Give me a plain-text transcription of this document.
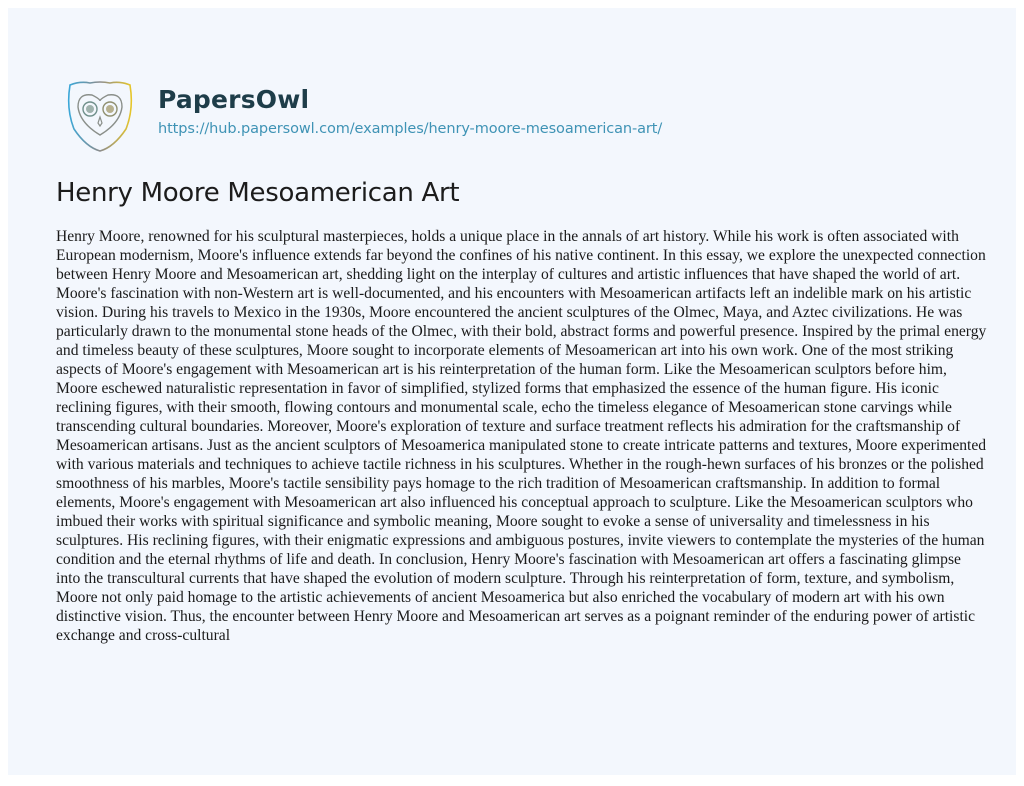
PapersOwl
https://hub.papersowl.com/examples/henry-moore-mesoamerican-art/
Henry Moore Mesoamerican Art

Henry Moore, renowned for his sculptural masterpieces, holds a unique place in the annals of art history. While his work is often associated with European modernism, Moore's influence extends far beyond the confines of his native continent. In this essay, we explore the unexpected connection between Henry Moore and Mesoamerican art, shedding light on the interplay of cultures and artistic influences that have shaped the world of art. Moore's fascination with non-Western art is well-documented, and his encounters with Mesoamerican artifacts left an indelible mark on his artistic vision. During his travels to Mexico in the 1930s, Moore encountered the ancient sculptures of the Olmec, Maya, and Aztec civilizations. He was particularly drawn to the monumental stone heads of the Olmec, with their bold, abstract forms and powerful presence. Inspired by the primal energy and timeless beauty of these sculptures, Moore sought to incorporate elements of Mesoamerican art into his own work. One of the most striking aspects of Moore's engagement with Mesoamerican art is his reinterpretation of the human form. Like the Mesoamerican sculptors before him, Moore eschewed naturalistic representation in favor of simplified, stylized forms that emphasized the essence of the human figure. His iconic reclining figures, with their smooth, flowing contours and monumental scale, echo the timeless elegance of Mesoamerican stone carvings while transcending cultural boundaries. Moreover, Moore's exploration of texture and surface treatment reflects his admiration for the craftsmanship of Mesoamerican artisans. Just as the ancient sculptors of Mesoamerica manipulated stone to create intricate patterns and textures, Moore experimented with various materials and techniques to achieve tactile richness in his sculptures. Whether in the rough-hewn surfaces of his bronzes or the polished smoothness of his marbles, Moore's tactile sensibility pays homage to the rich tradition of Mesoamerican craftsmanship. In addition to formal elements, Moore's engagement with Mesoamerican art also influenced his conceptual approach to sculpture. Like the Mesoamerican sculptors who imbued their works with spiritual significance and symbolic meaning, Moore sought to evoke a sense of universality and timelessness in his sculptures. His reclining figures, with their enigmatic expressions and ambiguous postures, invite viewers to contemplate the mysteries of the human condition and the eternal rhythms of life and death. In conclusion, Henry Moore's fascination with Mesoamerican art offers a fascinating glimpse into the transcultural currents that have shaped the evolution of modern sculpture. Through his reinterpretation of form, texture, and symbolism, Moore not only paid homage to the artistic achievements of ancient Mesoamerica but also enriched the vocabulary of modern art with his own distinctive vision. Thus, the encounter between Henry Moore and Mesoamerican art serves as a poignant reminder of the enduring power of artistic exchange and cross-cultural
